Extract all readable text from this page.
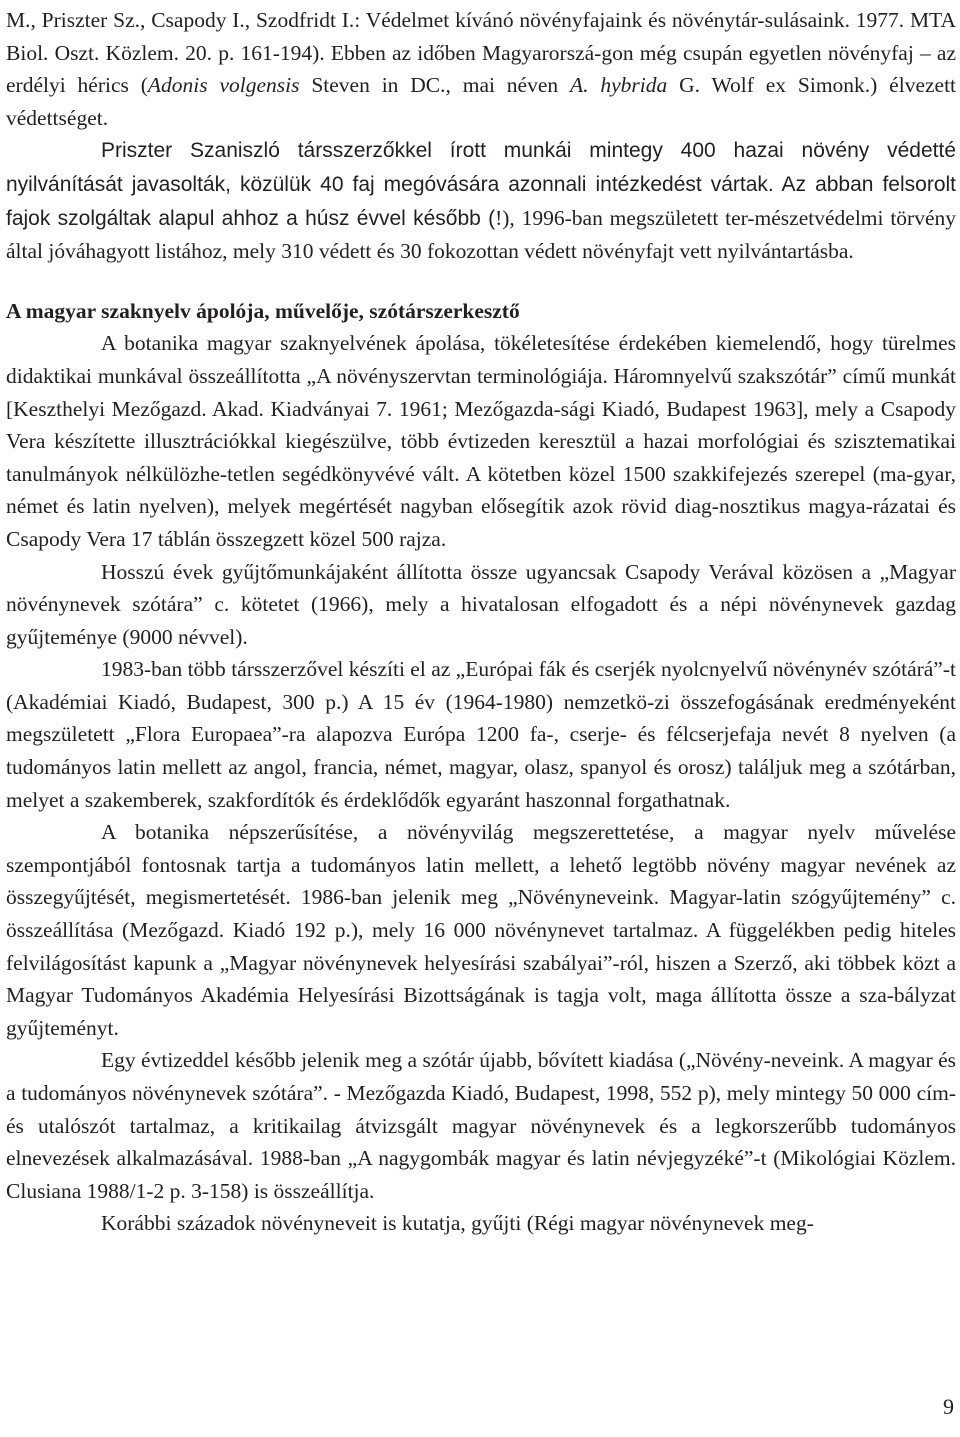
M., Priszter Sz., Csapody I., Szodfridt I.: Védelmet kívánó növényfajaink és növénytár-sulásaink. 1977. MTA Biol. Oszt. Közlem. 20. p. 161-194). Ebben az időben Magyarorszá-gon még csupán egyetlen növényfaj – az erdélyi hérics (Adonis volgensis Steven in DC., mai néven A. hybrida G. Wolf ex Simonk.) élvezett védettséget.

Priszter Szaniszló társszerzőkkel írott munkái mintegy 400 hazai növény védetté nyilvánítását javasolták, közülük 40 faj megóvására azonnali intézkedést vártak. Az abban felsorolt fajok szolgáltak alapul ahhoz a húsz évvel később (!), 1996-ban megszületett ter-mészetvédelmi törvény által jóváhagyott listához, mely 310 védett és 30 fokozottan védett növényfajt vett nyilvántartásba.

A magyar szaknyelv ápolója, művelője, szótárszerkesztő

A botanika magyar szaknyelvének ápolása, tökéletesítése érdekében kiemelendő, hogy türelmes didaktikai munkával összeállította „A növényszervtan terminológiája. Háromnyelvű szakszótár” című munkát [Keszthelyi Mezőgazd. Akad. Kiadványai 7. 1961; Mezőgazda-sági Kiadó, Budapest 1963], mely a Csapody Vera készítette illusztrációkkal kiegészülve, több évtizeden keresztül a hazai morfológiai és szisztematikai tanulmányok nélkülözhe-tetlen segédkönyvévé vált. A kötetben közel 1500 szakkifejezés szerepel (ma-gyar, német és latin nyelven), melyek megértését nagyban elősegítik azok rövid diag-nosztikus magya-rázatai és Csapody Vera 17 táblán összegzett közel 500 rajza.

Hosszú évek gyűjtőmunkájaként állította össze ugyancsak Csapody Verával közösen a „Magyar növénynevek szótára” c. kötetet (1966), mely a hivatalosan elfogadott és a népi növénynevek gazdag gyűjteménye (9000 névvel).

1983-ban több társszerzővel készíti el az „Európai fák és cserjék nyolcnyelvű növénynév szótárá”-t (Akadémiai Kiadó, Budapest, 300 p.) A 15 év (1964-1980) nemzetkö-zi összefogásának eredményeként megszületett „Flora Europaea”-ra alapozva Európa 1200 fa-, cserje- és félcserjefaja nevét 8 nyelven (a tudományos latin mellett az angol, francia, német, magyar, olasz, spanyol és orosz) találjuk meg a szótárban, melyet a szakemberek, szakfordítók és érdeklődők egyaránt haszonnal forgathatnak.

A botanika népszerűsítése, a növényvilág megszerettetése, a magyar nyelv művelése szempontjából fontosnak tartja a tudományos latin mellett, a lehető legtöbb növény magyar nevének az összegyűjtését, megismertetését. 1986-ban jelenik meg „Növényneveink. Magyar-latin szógyűjtemény” c. összeállítása (Mezőgazd. Kiadó 192 p.), mely 16 000 növénynevet tartalmaz. A függelékben pedig hiteles felvilágosítást kapunk a „Magyar növénynevek helyesírási szabályai”-ról, hiszen a Szerző, aki többek közt a Magyar Tudományos Akadémia Helyesírási Bizottságának is tagja volt, maga állította össze a sza-bályzat gyűjteményt.

Egy évtizeddel később jelenik meg a szótár újabb, bővített kiadása („Növény-neveink. A magyar és a tudományos növénynevek szótára”. - Mezőgazda Kiadó, Budapest, 1998, 552 p), mely mintegy 50 000 cím- és utalószót tartalmaz, a kritikailag átvizsgált magyar növénynevek és a legkorszerűbb tudományos elnevezések alkalmazásával. 1988-ban „A nagygombák magyar és latin névjegyzéké”-t (Mikológiai Közlem. Clusiana 1988/1-2 p. 3-158) is összeállítja.

Korábbi századok növényneveit is kutatja, gyűjti (Régi magyar növénynevek meg-

9
